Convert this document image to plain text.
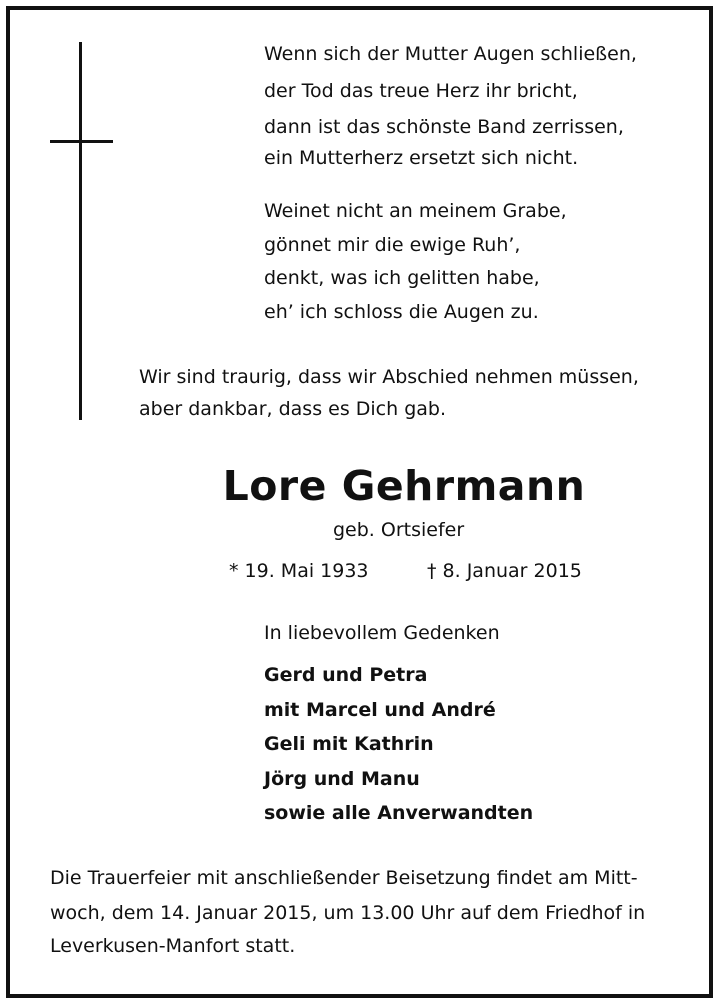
Wenn sich der Mutter Augen schließen,
der Tod das treue Herz ihr bricht,
dann ist das schönste Band zerrissen,
ein Mutterherz ersetzt sich nicht.
Weinet nicht an meinem Grabe,
gönnet mir die ewige Ruh’,
denkt, was ich gelitten habe,
eh’ ich schloss die Augen zu.
Wir sind traurig, dass wir Abschied nehmen müssen,
aber dankbar, dass es Dich gab.
Lore Gehrmann
geb. Ortsiefer
* 19. Mai 1933	† 8. Januar 2015
In liebevollem Gedenken
Gerd und Petra
mit Marcel und André
Geli mit Kathrin
Jörg und Manu
sowie alle Anverwandten
Die Trauerfeier mit anschließender Beisetzung findet am Mitt-
woch, dem 14. Januar 2015, um 13.00 Uhr auf dem Friedhof in
Leverkusen-Manfort statt.
